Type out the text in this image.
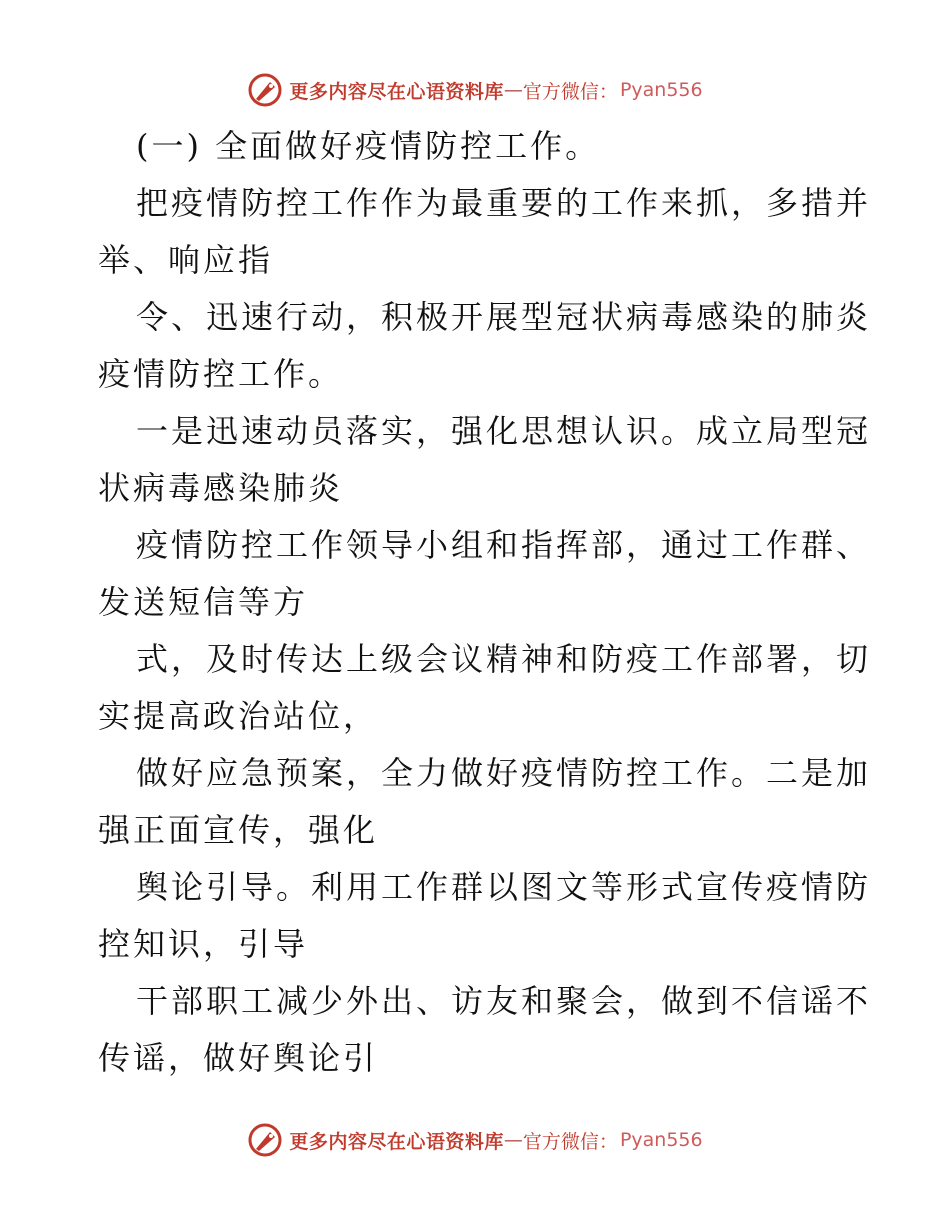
更多内容尽在心语资料库 — 官方微信： Pyan556

(一) 全面做好疫情防控工作。

把疫情防控工作作为最重要的工作来抓，多措并
举、响应指

令、迅速行动，积极开展型冠状病毒感染的肺炎
疫情防控工作。

一是迅速动员落实，强化思想认识。成立局型冠
状病毒感染肺炎

疫情防控工作领导小组和指挥部，通过工作群、
发送短信等方

式，及时传达上级会议精神和防疫工作部署，切
实提高政治站位，

做好应急预案，全力做好疫情防控工作。二是加
强正面宣传，强化

舆论引导。利用工作群以图文等形式宣传疫情防
控知识，引导

干部职工减少外出、访友和聚会，做到不信谣不
传谣，做好舆论引

更多内容尽在心语资料库 — 官方微信： Pyan556
